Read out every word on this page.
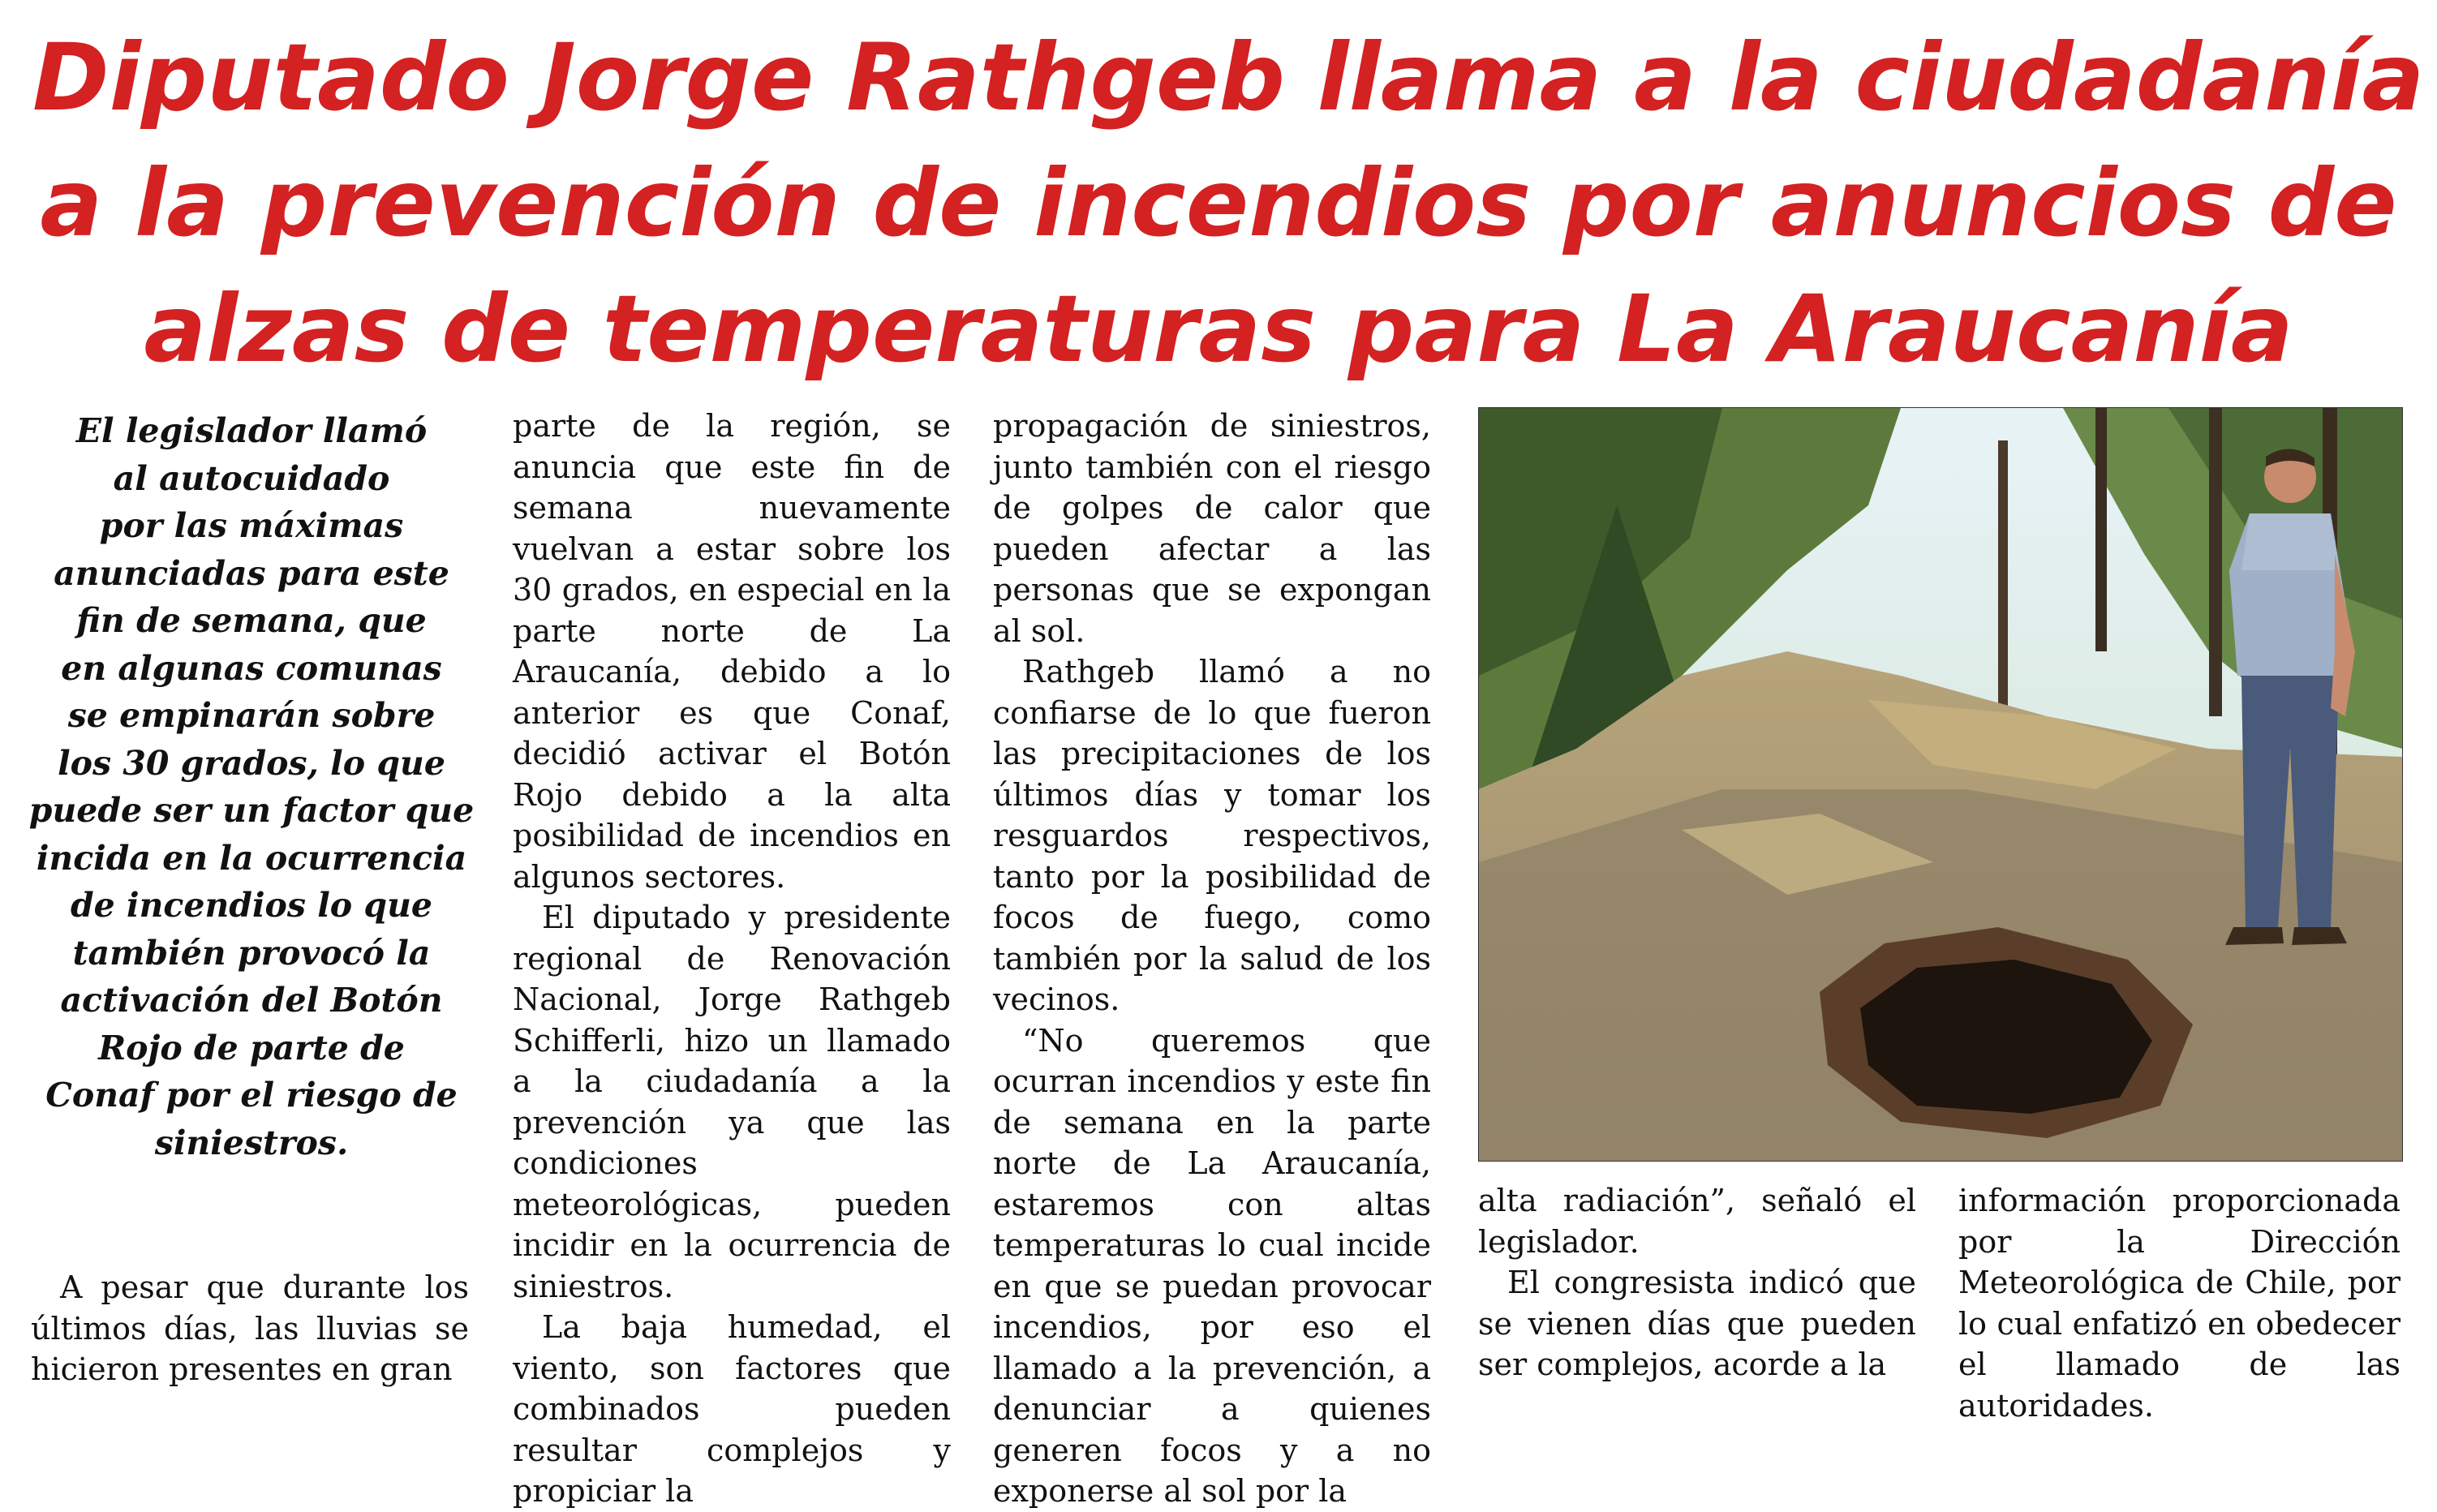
Diputado Jorge Rathgeb llama a la ciudadanía
a la prevención de incendios por anuncios de
alzas de temperaturas para La Araucanía
El legislador llamó
al autocuidado
por las máximas
anunciadas para este
fin de semana, que
en algunas comunas
se empinarán sobre
los 30 grados, lo que
puede ser un factor que
incida en la ocurrencia
de incendios lo que
también provocó la
activación del Botón
Rojo de parte de
Conaf por el riesgo de
siniestros.

A pesar que durante los últimos días, las lluvias se hicieron presentes en gran

parte de la región, se anuncia que este fin de semana nuevamente vuelvan a estar sobre los 30 grados, en especial en la parte norte de La Araucanía, debido a lo anterior es que Conaf, decidió activar el Botón Rojo debido a la alta posibilidad de incendios en algunos sectores.

El diputado y presidente regional de Renovación Nacional, Jorge Rathgeb Schifferli, hizo un llamado a la ciudadanía a la prevención ya que las condiciones meteorológicas, pueden incidir en la ocurrencia de siniestros.

La baja humedad, el viento, son factores que combinados pueden resultar complejos y propiciar la

propagación de siniestros, junto también con el riesgo de golpes de calor que pueden afectar a las personas que se expongan al sol.

Rathgeb llamó a no confiarse de lo que fueron las precipitaciones de los últimos días y tomar los resguardos respectivos, tanto por la posibilidad de focos de fuego, como también por la salud de los vecinos.

“No queremos que ocurran incendios y este fin de semana en la parte norte de La Araucanía, estaremos con altas temperaturas lo cual incide en que se puedan provocar incendios, por eso el llamado a la prevención, a denunciar a quienes generen focos y a no exponerse al sol por la

alta radiación”, señaló el legislador.

El congresista indicó que se vienen días que pueden ser complejos, acorde a la

información proporcionada por la Dirección Meteorológica de Chile, por lo cual enfatizó en obedecer el llamado de las autoridades.
